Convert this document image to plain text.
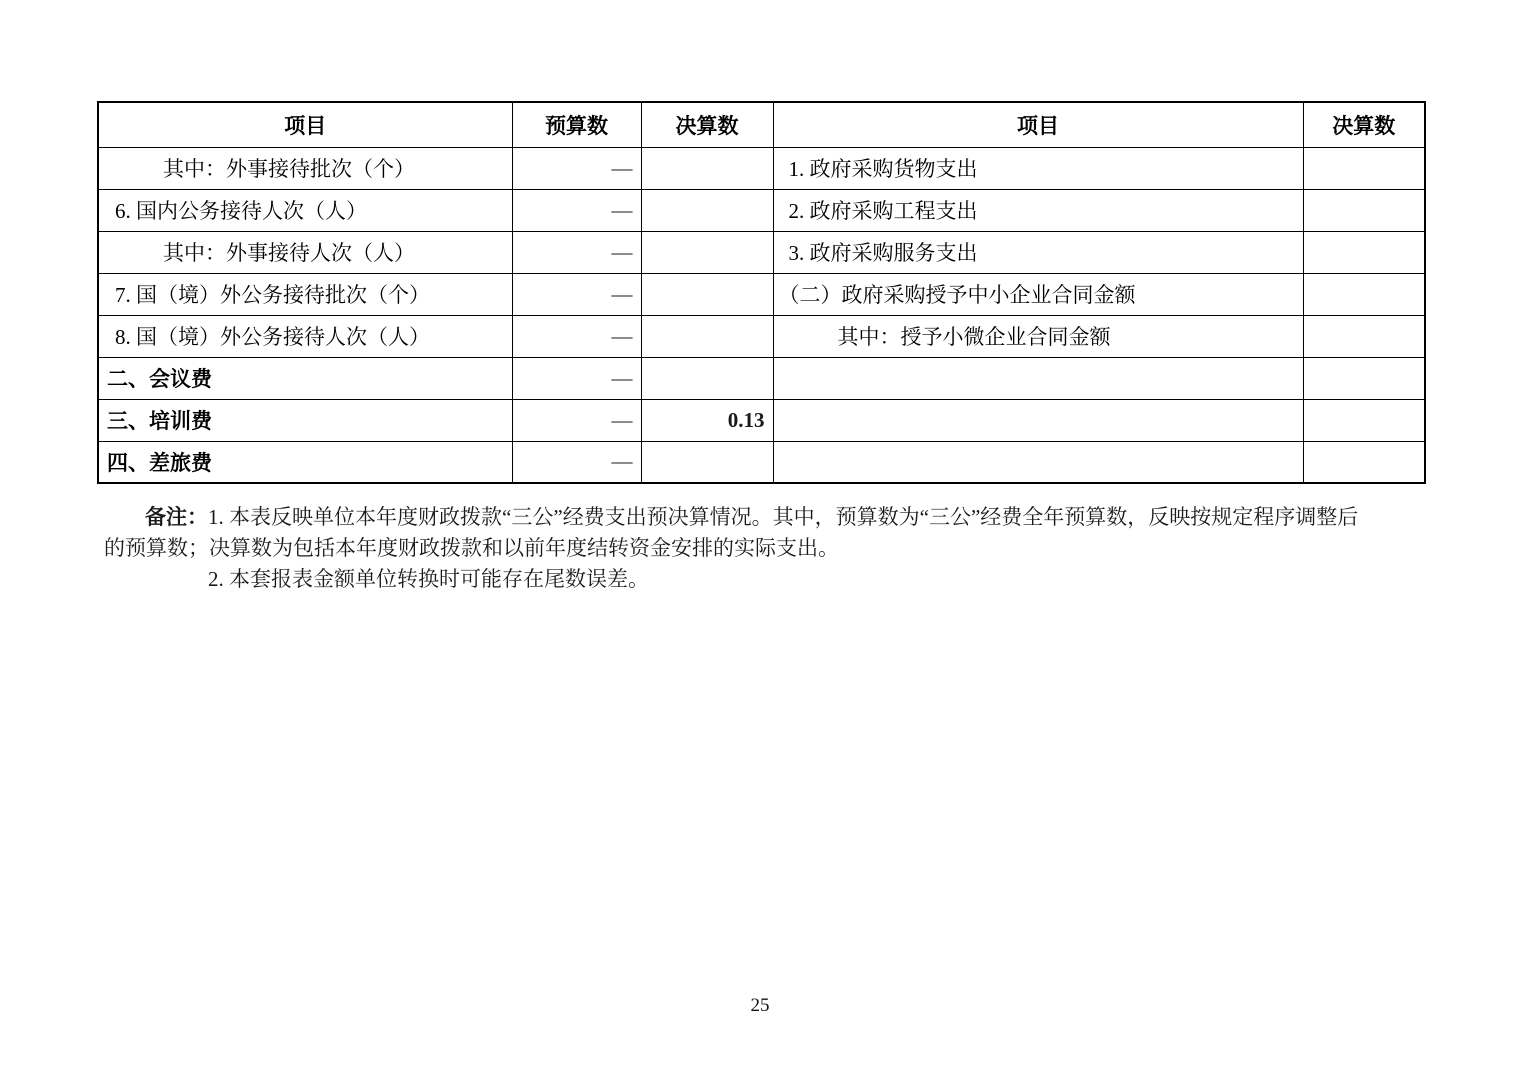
项目	预算数	决算数	项目	决算数
其中：外事接待批次（个）	—		1. 政府采购货物支出	
6. 国内公务接待人次（人）	—		2. 政府采购工程支出	
其中：外事接待人次（人）	—		3. 政府采购服务支出	
7. 国（境）外公务接待批次（个）	—		（二）政府采购授予中小企业合同金额	
8. 国（境）外公务接待人次（人）	—		其中：授予小微企业合同金额	
二、会议费	—			
三、培训费	—	0.13		
四、差旅费	—			
备注：1. 本表反映单位本年度财政拨款“三公”经费支出预决算情况。其中，预算数为“三公”经费全年预算数，反映按规定程序调整后
的预算数；决算数为包括本年度财政拨款和以前年度结转资金安排的实际支出。
2. 本套报表金额单位转换时可能存在尾数误差。
25
